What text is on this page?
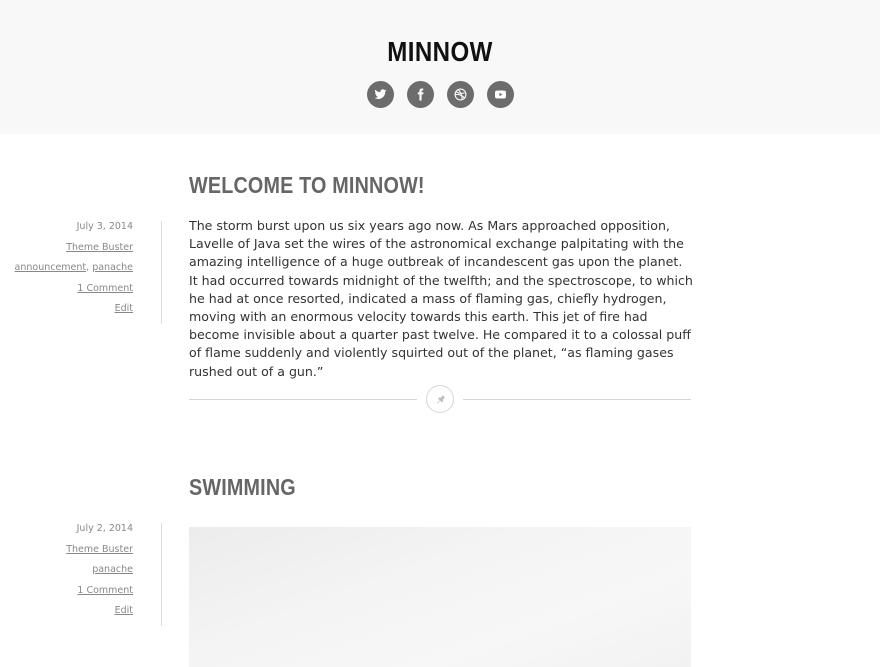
MINNOW
WELCOME TO MINNOW!
July 3, 2014
Theme Buster
announcement, panache
1 Comment
Edit
The storm burst upon us six years ago now. As Mars approached opposition, Lavelle of Java set the wires of the astronomical exchange palpitating with the amazing intelligence of a huge outbreak of incandescent gas upon the planet. It had occurred towards midnight of the twelfth; and the spectroscope, to which he had at once resorted, indicated a mass of flaming gas, chiefly hydrogen, moving with an enormous velocity towards this earth. This jet of fire had become invisible about a quarter past twelve. He compared it to a colossal puff of flame suddenly and violently squirted out of the planet, “as flaming gases rushed out of a gun.”
SWIMMING
July 2, 2014
Theme Buster
panache
1 Comment
Edit
